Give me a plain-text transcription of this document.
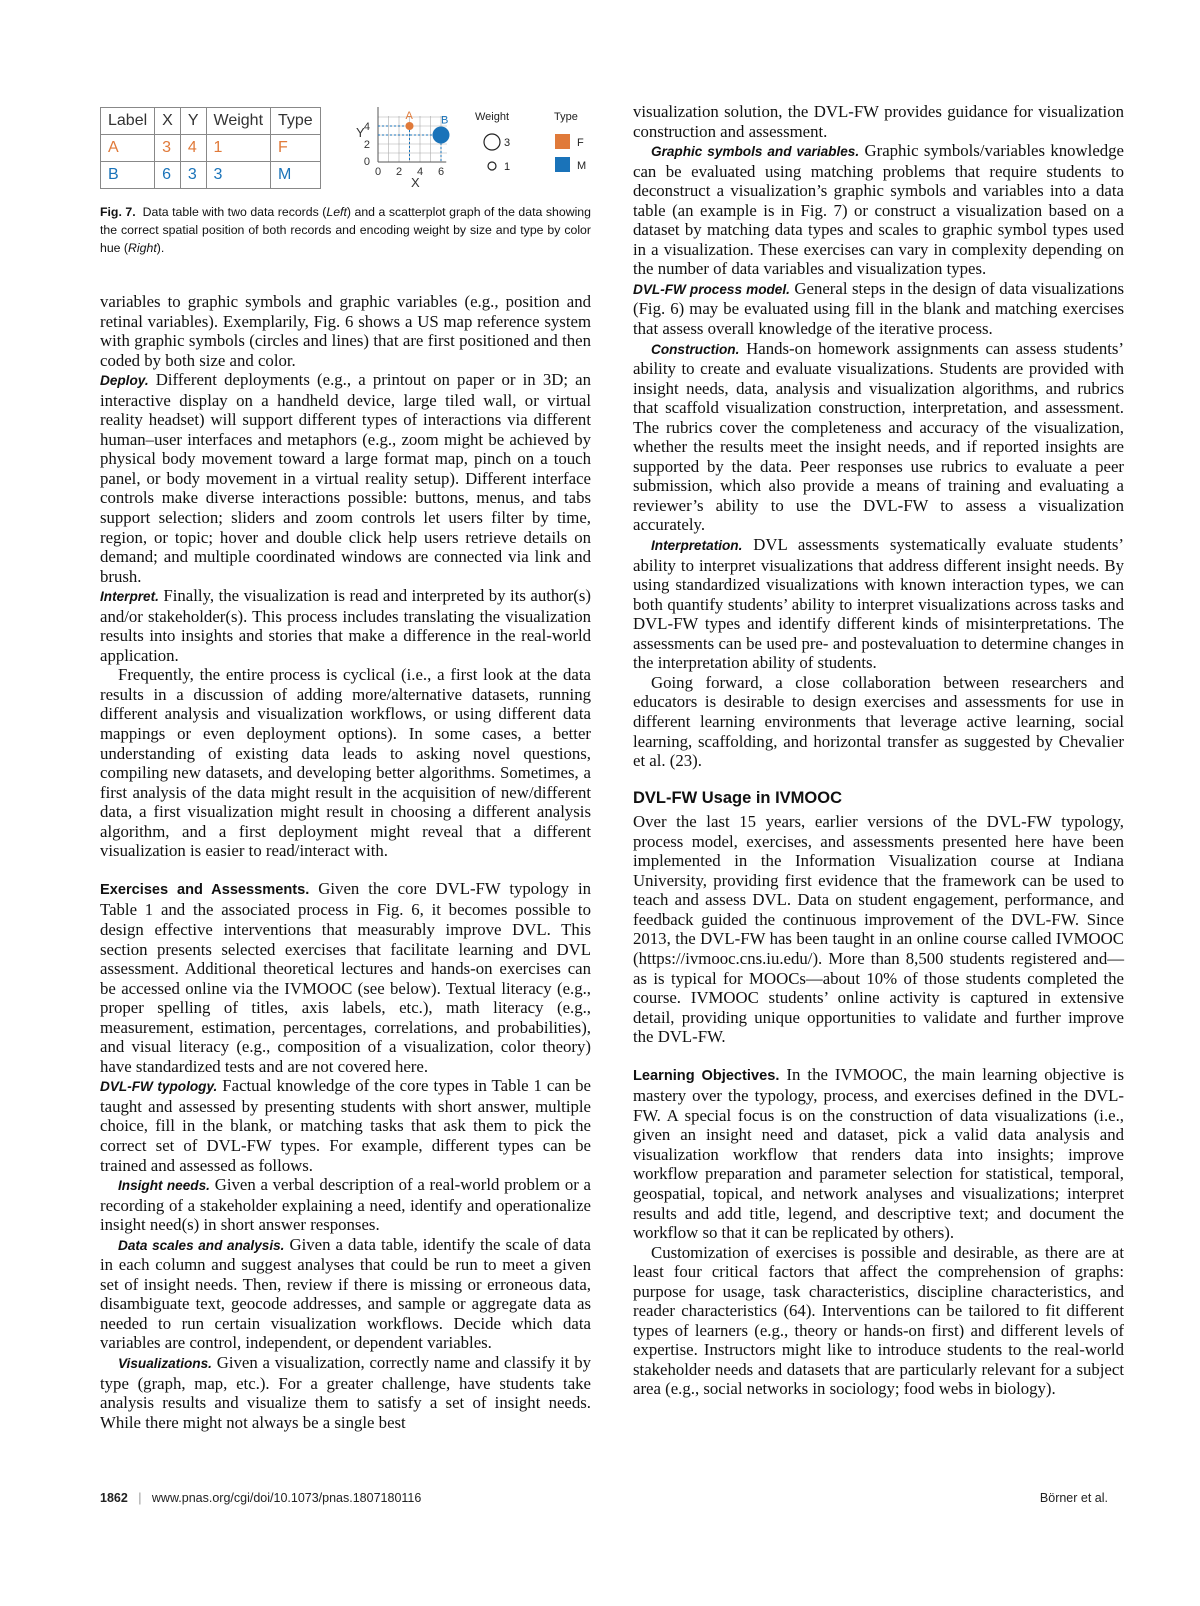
Label	X	Y	Weight	Type
A	3	4	1	F
B	6	3	3	M
Y
X
0
2
4
0 2 4 6
A	B Weight
3
1
Type
F
M

Fig. 7. Data table with two data records (Left) and a scatterplot graph of the data showing the correct spatial position of both records and encoding weight by size and type by color hue (Right).

variables to graphic symbols and graphic variables (e.g., position and retinal variables). Exemplarily, Fig. 6 shows a US map reference system with graphic symbols (circles and lines) that are first positioned and then coded by both size and color.

Deploy. Different deployments (e.g., a printout on paper or in 3D; an interactive display on a handheld device, large tiled wall, or virtual reality headset) will support different types of interactions via different human–user interfaces and metaphors (e.g., zoom might be achieved by physical body movement toward a large format map, pinch on a touch panel, or body movement in a virtual reality setup). Different interface controls make diverse interactions possible: buttons, menus, and tabs support selection; sliders and zoom controls let users filter by time, region, or topic; hover and double click help users retrieve details on demand; and multiple coordinated windows are connected via link and brush.

Interpret. Finally, the visualization is read and interpreted by its author(s) and/or stakeholder(s). This process includes translating the visualization results into insights and stories that make a difference in the real-world application.

Frequently, the entire process is cyclical (i.e., a first look at the data results in a discussion of adding more/alternative datasets, running different analysis and visualization workflows, or using different data mappings or even deployment options). In some cases, a better understanding of existing data leads to asking novel questions, compiling new datasets, and developing better algorithms. Sometimes, a first analysis of the data might result in the acquisition of new/different data, a first visualization might result in choosing a different analysis algorithm, and a first deployment might reveal that a different visualization is easier to read/interact with.

Exercises and Assessments. Given the core DVL-FW typology in Table 1 and the associated process in Fig. 6, it becomes possible to design effective interventions that measurably improve DVL. This section presents selected exercises that facilitate learning and DVL assessment. Additional theoretical lectures and hands-on exercises can be accessed online via the IVMOOC (see below). Textual literacy (e.g., proper spelling of titles, axis labels, etc.), math literacy (e.g., measurement, estimation, percentages, correlations, and probabilities), and visual literacy (e.g., composition of a visualization, color theory) have standardized tests and are not covered here.

DVL-FW typology. Factual knowledge of the core types in Table 1 can be taught and assessed by presenting students with short answer, multiple choice, fill in the blank, or matching tasks that ask them to pick the correct set of DVL-FW types. For example, different types can be trained and assessed as follows.

Insight needs. Given a verbal description of a real-world problem or a recording of a stakeholder explaining a need, identify and operationalize insight need(s) in short answer responses.

Data scales and analysis. Given a data table, identify the scale of data in each column and suggest analyses that could be run to meet a given set of insight needs. Then, review if there is missing or erroneous data, disambiguate text, geocode addresses, and sample or aggregate data as needed to run certain visualization workflows. Decide which data variables are control, independent, or dependent variables.

Visualizations. Given a visualization, correctly name and classify it by type (graph, map, etc.). For a greater challenge, have students take analysis results and visualize them to satisfy a set of insight needs. While there might not always be a single best

visualization solution, the DVL-FW provides guidance for visualization construction and assessment.

Graphic symbols and variables. Graphic symbols/variables knowledge can be evaluated using matching problems that require students to deconstruct a visualization’s graphic symbols and variables into a data table (an example is in Fig. 7) or construct a visualization based on a dataset by matching data types and scales to graphic symbol types used in a visualization. These exercises can vary in complexity depending on the number of data variables and visualization types.

DVL-FW process model. General steps in the design of data visualizations (Fig. 6) may be evaluated using fill in the blank and matching exercises that assess overall knowledge of the iterative process.

Construction. Hands-on homework assignments can assess students’ ability to create and evaluate visualizations. Students are provided with insight needs, data, analysis and visualization algorithms, and rubrics that scaffold visualization construction, interpretation, and assessment. The rubrics cover the completeness and accuracy of the visualization, whether the results meet the insight needs, and if reported insights are supported by the data. Peer responses use rubrics to evaluate a peer submission, which also provide a means of training and evaluating a reviewer’s ability to use the DVL-FW to assess a visualization accurately.

Interpretation. DVL assessments systematically evaluate students’ ability to interpret visualizations that address different insight needs. By using standardized visualizations with known interaction types, we can both quantify students’ ability to interpret visualizations across tasks and DVL-FW types and identify different kinds of misinterpretations. The assessments can be used pre- and postevaluation to determine changes in the interpretation ability of students.

Going forward, a close collaboration between researchers and educators is desirable to design exercises and assessments for use in different learning environments that leverage active learning, social learning, scaffolding, and horizontal transfer as suggested by Chevalier et al. (23).

DVL-FW Usage in IVMOOC

Over the last 15 years, earlier versions of the DVL-FW typology, process model, exercises, and assessments presented here have been implemented in the Information Visualization course at Indiana University, providing first evidence that the framework can be used to teach and assess DVL. Data on student engagement, performance, and feedback guided the continuous improvement of the DVL-FW. Since 2013, the DVL-FW has been taught in an online course called IVMOOC (https://ivmooc.cns.iu.edu/). More than 8,500 students registered and—as is typical for MOOCs—about 10% of those students completed the course. IVMOOC students’ online activity is captured in extensive detail, providing unique opportunities to validate and further improve the DVL-FW.

Learning Objectives. In the IVMOOC, the main learning objective is mastery over the typology, process, and exercises defined in the DVL-FW. A special focus is on the construction of data visualizations (i.e., given an insight need and dataset, pick a valid data analysis and visualization workflow that renders data into insights; improve workflow preparation and parameter selection for statistical, temporal, geospatial, topical, and network analyses and visualizations; interpret results and add title, legend, and descriptive text; and document the workflow so that it can be replicated by others).

Customization of exercises is possible and desirable, as there are at least four critical factors that affect the comprehension of graphs: purpose for usage, task characteristics, discipline characteristics, and reader characteristics (64). Interventions can be tailored to fit different types of learners (e.g., theory or hands-on first) and different levels of expertise. Instructors might like to introduce students to the real-world stakeholder needs and datasets that are particularly relevant for a subject area (e.g., social networks in sociology; food webs in biology).

1862 | www.pnas.org/cgi/doi/10.1073/pnas.1807180116	Börner et al.
